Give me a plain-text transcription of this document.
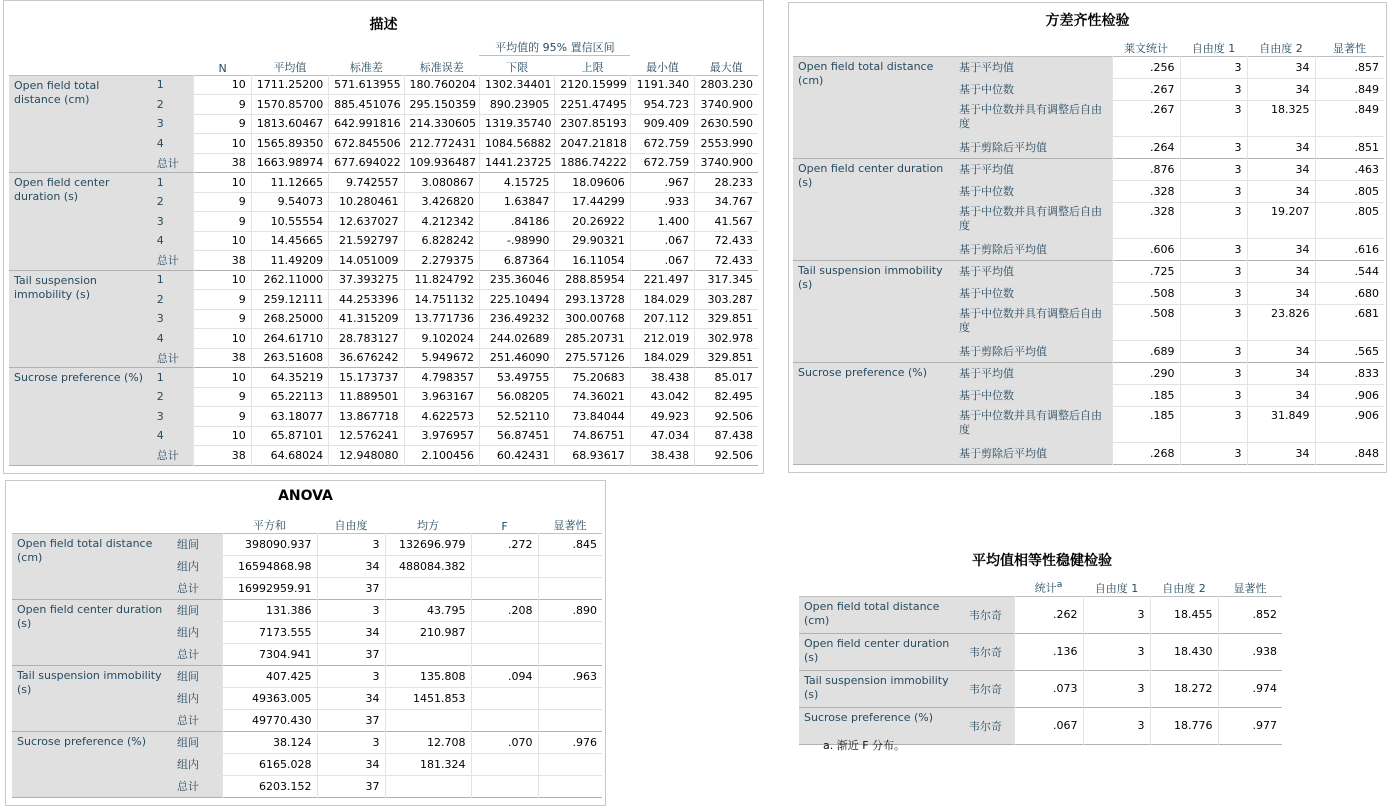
描述
						平均值的 95% 置信区间			
		N	平均值	标准差	标准误差	下限	上限	最小值	最大值
Open field total distance (cm)	1	10	1711.25200	571.613955	180.760204	1302.34401	2120.15999	1191.340	2803.230
	2	9	1570.85700	885.451076	295.150359	890.23905	2251.47495	954.723	3740.900
	3	9	1813.60467	642.991816	214.330605	1319.35740	2307.85193	909.409	2630.590
	4	10	1565.89350	672.845506	212.772431	1084.56882	2047.21818	672.759	2553.990
	总计	38	1663.98974	677.694022	109.936487	1441.23725	1886.74222	672.759	3740.900
Open field center duration (s)	1	10	11.12665	9.742557	3.080867	4.15725	18.09606	.967	28.233
	2	9	9.54073	10.280461	3.426820	1.63847	17.44299	.933	34.767
	3	9	10.55554	12.637027	4.212342	.84186	20.26922	1.400	41.567
	4	10	14.45665	21.592797	6.828242	-.98990	29.90321	.067	72.433
	总计	38	11.49209	14.051009	2.279375	6.87364	16.11054	.067	72.433
Tail suspension immobility (s)	1	10	262.11000	37.393275	11.824792	235.36046	288.85954	221.497	317.345
	2	9	259.12111	44.253396	14.751132	225.10494	293.13728	184.029	303.287
	3	9	268.25000	41.315209	13.771736	236.49232	300.00768	207.112	329.851
	4	10	264.61710	28.783127	9.102024	244.02689	285.20731	212.019	302.978
	总计	38	263.51608	36.676242	5.949672	251.46090	275.57126	184.029	329.851
Sucrose preference (%)	1	10	64.35219	15.173737	4.798357	53.49755	75.20683	38.438	85.017
	2	9	65.22113	11.889501	3.963167	56.08205	74.36021	43.042	82.495
	3	9	63.18077	13.867718	4.622573	52.52110	73.84044	49.923	92.506
	4	10	65.87101	12.576241	3.976957	56.87451	74.86751	47.034	87.438
	总计	38	64.68024	12.948080	2.100456	60.42431	68.93617	38.438	92.506
方差齐性检验
		莱文统计	自由度 1	自由度 2	显著性
Open field total distance (cm)	基于平均值	.256	3	34	.857
	基于中位数	.267	3	34	.849
	基于中位数并具有调整后自由度	.267	3	18.325	.849
	基于剪除后平均值	.264	3	34	.851
Open field center duration (s)	基于平均值	.876	3	34	.463
	基于中位数	.328	3	34	.805
	基于中位数并具有调整后自由度	.328	3	19.207	.805
	基于剪除后平均值	.606	3	34	.616
Tail suspension immobility (s)	基于平均值	.725	3	34	.544
	基于中位数	.508	3	34	.680
	基于中位数并具有调整后自由度	.508	3	23.826	.681
	基于剪除后平均值	.689	3	34	.565
Sucrose preference (%)	基于平均值	.290	3	34	.833
	基于中位数	.185	3	34	.906
	基于中位数并具有调整后自由度	.185	3	31.849	.906
	基于剪除后平均值	.268	3	34	.848
ANOVA
		平方和	自由度	均方	F	显著性
Open field total distance (cm)	组间	398090.937	3	132696.979	.272	.845
	组内	16594868.98	34	488084.382		
	总计	16992959.91	37			
Open field center duration (s)	组间	131.386	3	43.795	.208	.890
	组内	7173.555	34	210.987		
	总计	7304.941	37			
Tail suspension immobility (s)	组间	407.425	3	135.808	.094	.963
	组内	49363.005	34	1451.853		
	总计	49770.430	37			
Sucrose preference (%)	组间	38.124	3	12.708	.070	.976
	组内	6165.028	34	181.324		
	总计	6203.152	37			
平均值相等性稳健检验
		统计$^a$	自由度 1	自由度 2	显著性
Open field total distance (cm)	韦尔奇	.262	3	18.455	.852
Open field center duration (s)	韦尔奇	.136	3	18.430	.938
Tail suspension immobility (s)	韦尔奇	.073	3	18.272	.974
Sucrose preference (%)	韦尔奇	.067	3	18.776	.977
a. 渐近 F 分布。
